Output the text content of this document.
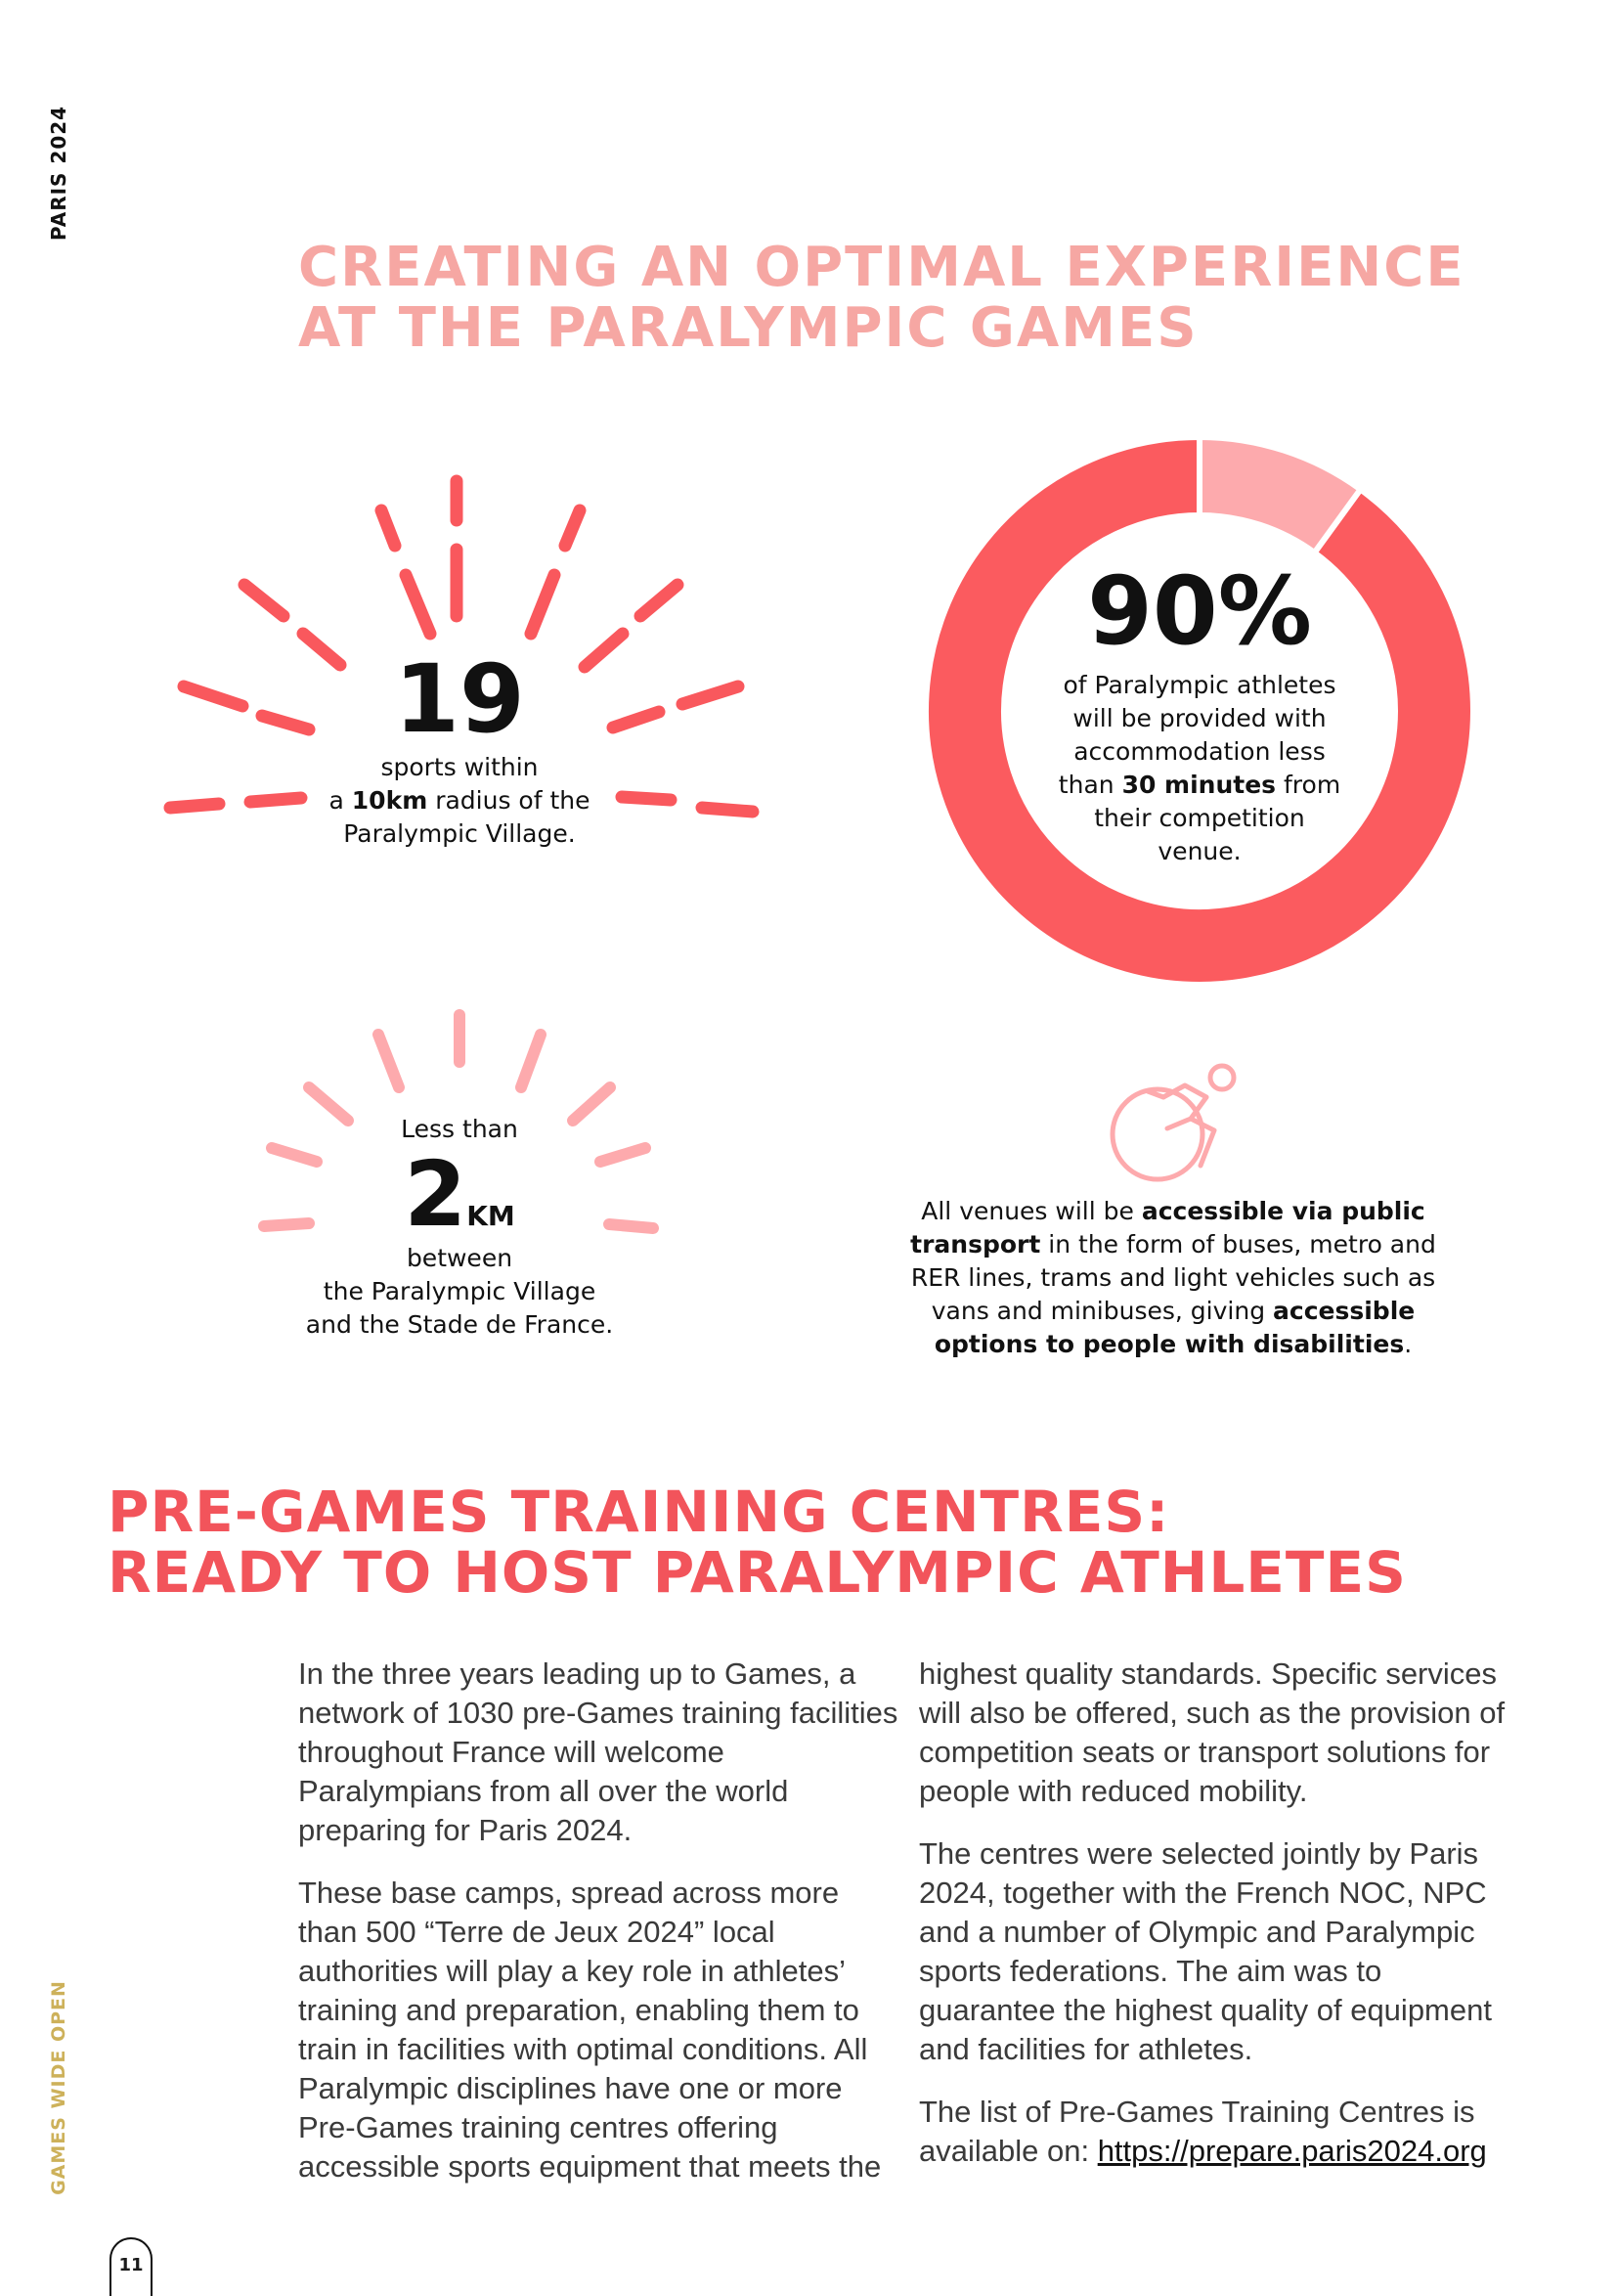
PARIS 2024
GAMES WIDE OPEN
CREATING AN OPTIMAL EXPERIENCE
AT THE PARALYMPIC GAMES
19
sports within
a 10km radius of the
Paralympic Village.
90%
of Paralympic athletes
will be provided with
accommodation less
than 30 minutes from
their competition
venue.
Less than
2KM
between
the Paralympic Village
and the Stade de France.
All venues will be accessible via public
transport in the form of buses, metro and
RER lines, trams and light vehicles such as
vans and minibuses, giving accessible
options to people with disabilities.
PRE-GAMES TRAINING CENTRES:
READY TO HOST PARALYMPIC ATHLETES

In the three years leading up to Games, a network of 1030 pre-Games training facilities throughout France will welcome Paralympians from all over the world preparing for Paris 2024.

These base camps, spread across more than 500 “Terre de Jeux 2024” local authorities will play a key role in athletes’ training and preparation, enabling them to train in facilities with optimal conditions. All Paralympic disciplines have one or more Pre-Games training centres offering accessible sports equipment that meets the

highest quality standards. Specific services will also be offered, such as the provision of competition seats or transport solutions for people with reduced mobility.

The centres were selected jointly by Paris 2024, together with the French NOC, NPC and a number of Olympic and Paralympic sports federations. The aim was to guarantee the highest quality of equipment and facilities for athletes.

The list of Pre-Games Training Centres is available on: https://prepare.paris2024.org

11
